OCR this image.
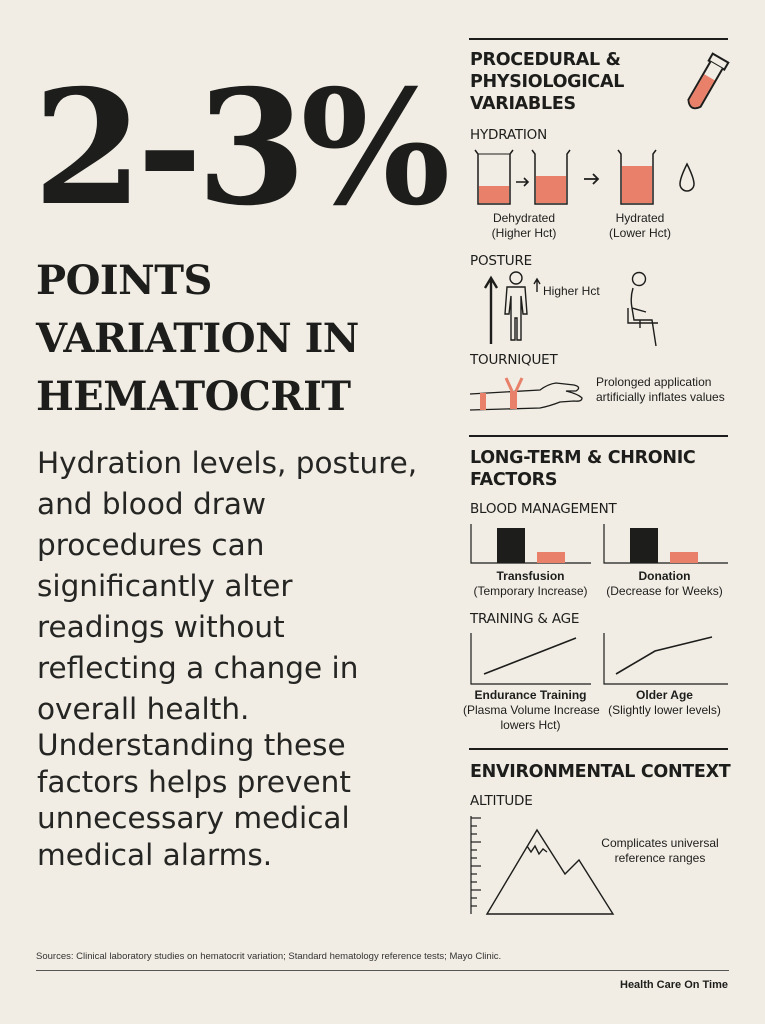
2-3%
POINTS
VARIATION IN
HEMATOCRIT

Hydration levels, posture, and blood draw procedures can significantly alter readings without reflecting a change in overall health.

Understanding these factors helps prevent unnecessary medical medical alarms.

PROCEDURAL &
PHYSIOLOGICAL
VARIABLES
HYDRATION
Dehydrated
(Higher Hct)
Hydrated
(Lower Hct)
POSTURE
Higher Hct
TOURNIQUET
Prolonged application
artificially inflates values
LONG-TERM & CHRONIC
FACTORS
BLOOD MANAGEMENT
Transfusion
(Temporary Increase)
Donation
(Decrease for Weeks)
TRAINING & AGE
Endurance Training
(Plasma Volume Increase
lowers Hct)
Older Age
(Slightly lower levels)
ENVIRONMENTAL CONTEXT
ALTITUDE
Complicates universal
reference ranges
Sources: Clinical laboratory studies on hematocrit variation; Standard hematology reference tests; Mayo Clinic.
Health Care On Time
